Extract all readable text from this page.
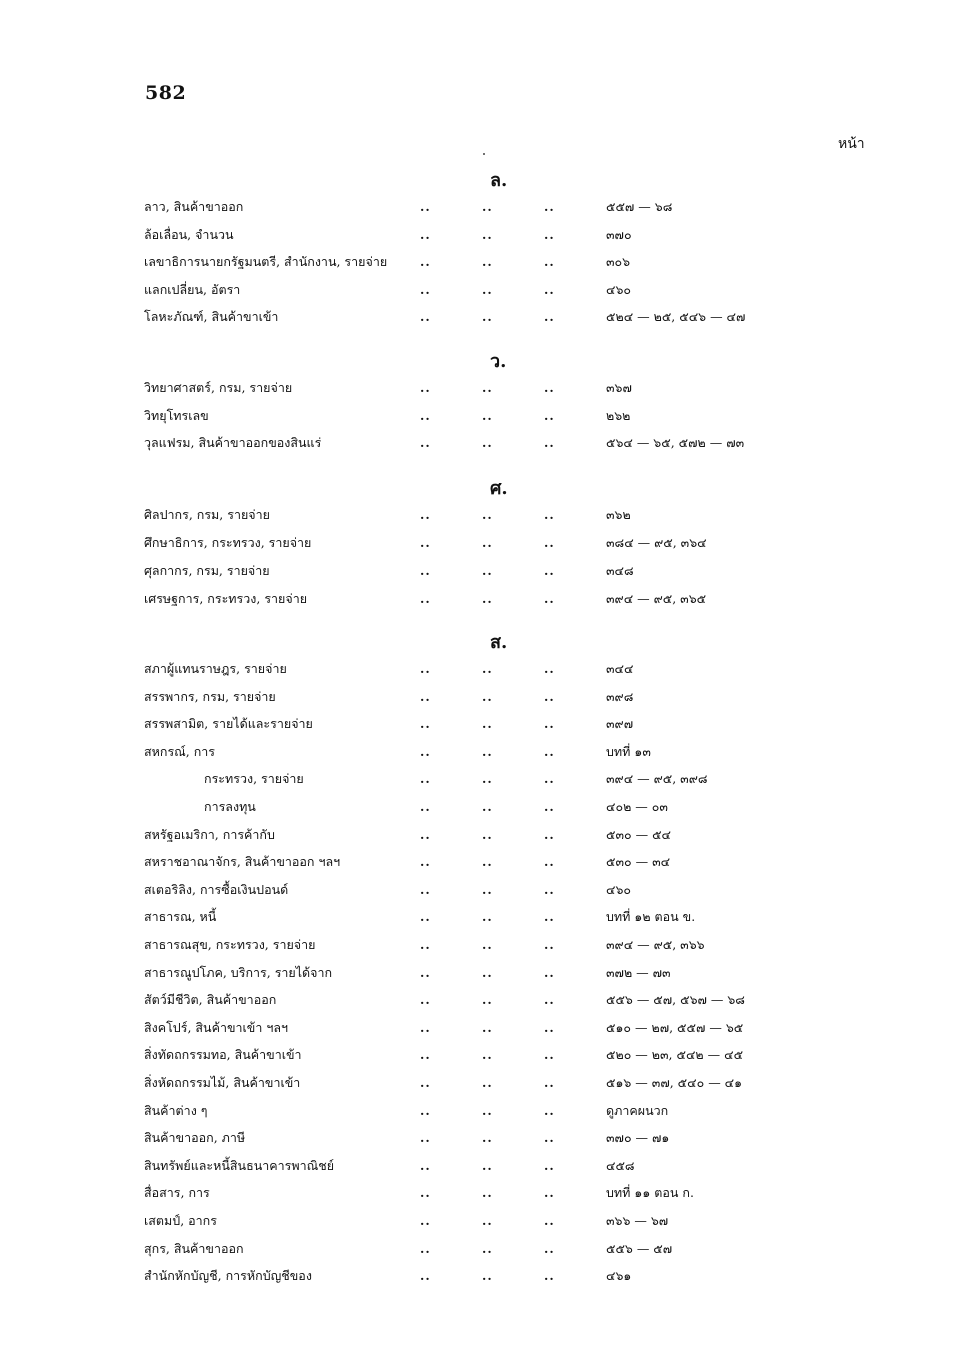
582
หน้า
ล.
ลาว, สินค้าขาออก	..	..	..	๕๕๗ — ๖๘
ล้อเลื่อน, จำนวน	..	..	..	๓๗๐
เลขาธิการนายกรัฐมนตรี, สำนักงาน, รายจ่าย	..	..	..	๓๐๖
แลกเปลี่ยน, อัตรา	..	..	..	๔๖๐
โลหะภัณฑ์, สินค้าขาเข้า	..	..	..	๕๒๔ — ๒๕, ๕๔๖ — ๔๗
ว.
วิทยาศาสตร์, กรม, รายจ่าย	..	..	..	๓๖๗
วิทยุโทรเลข	..	..	..	๒๖๒
วุลแฟรม, สินค้าขาออกของสินแร่	..	..	..	๕๖๔ — ๖๕, ๕๗๒ — ๗๓
ศ.
ศิลปากร, กรม, รายจ่าย	..	..	..	๓๖๒
ศึกษาธิการ, กระทรวง, รายจ่าย	..	..	..	๓๘๔ — ๙๕, ๓๖๔
ศุลกากร, กรม, รายจ่าย	..	..	..	๓๔๘
เศรษฐการ, กระทรวง, รายจ่าย	..	..	..	๓๙๔ — ๙๕, ๓๖๕
ส.
สภาผู้แทนราษฎร, รายจ่าย	..	..	..	๓๔๔
สรรพากร, กรม, รายจ่าย	..	..	..	๓๙๘
สรรพสามิต, รายได้และรายจ่าย	..	..	..	๓๙๗
สหกรณ์, การ	..	..	..	บทที่ ๑๓
กระทรวง, รายจ่าย	..	..	..	๓๙๔ — ๙๕, ๓๙๘
การลงทุน	..	..	..	๔๐๒ — ๐๓
สหรัฐอเมริกา, การค้ากับ	..	..	..	๕๓๐ — ๕๔
สหราชอาณาจักร, สินค้าขาออก ฯลฯ	..	..	..	๕๓๐ — ๓๔
สเตอริลิง, การซื้อเงินปอนด์	..	..	..	๔๖๐
สาธารณ, หนี้	..	..	..	บทที่ ๑๒ ตอน ข.
สาธารณสุข, กระทรวง, รายจ่าย	..	..	..	๓๙๔ — ๙๕, ๓๖๖
สาธารณูปโภค, บริการ, รายได้จาก	..	..	..	๓๗๒ — ๗๓
สัตว์มีชีวิต, สินค้าขาออก	..	..	..	๕๕๖ — ๕๗, ๕๖๗ — ๖๘
สิงคโปร์, สินค้าขาเข้า ฯลฯ	..	..	..	๕๑๐ — ๒๗, ๕๕๗ — ๖๕
สิ่งทัดถกรรมทอ, สินค้าขาเข้า	..	..	..	๕๒๐ — ๒๓, ๕๔๒ — ๔๕
สิ่งหัดถกรรมไม้, สินค้าขาเข้า	..	..	..	๕๑๖ — ๓๗, ๕๔๐ — ๔๑
สินค้าต่าง ๆ	..	..	..	ดูภาคผนวก
สินค้าขาออก, ภาษี	..	..	..	๓๗๐ — ๗๑
สินทรัพย์และหนี้สินธนาคารพาณิชย์	..	..	..	๔๕๘
สื่อสาร, การ	..	..	..	บทที่ ๑๑ ตอน ก.
เสตมป์, อากร	..	..	..	๓๖๖ — ๖๗
สุกร, สินค้าขาออก	..	..	..	๕๕๖ — ๕๗
สำนักหักบัญชี, การหักบัญชีของ	..	..	..	๔๖๑
